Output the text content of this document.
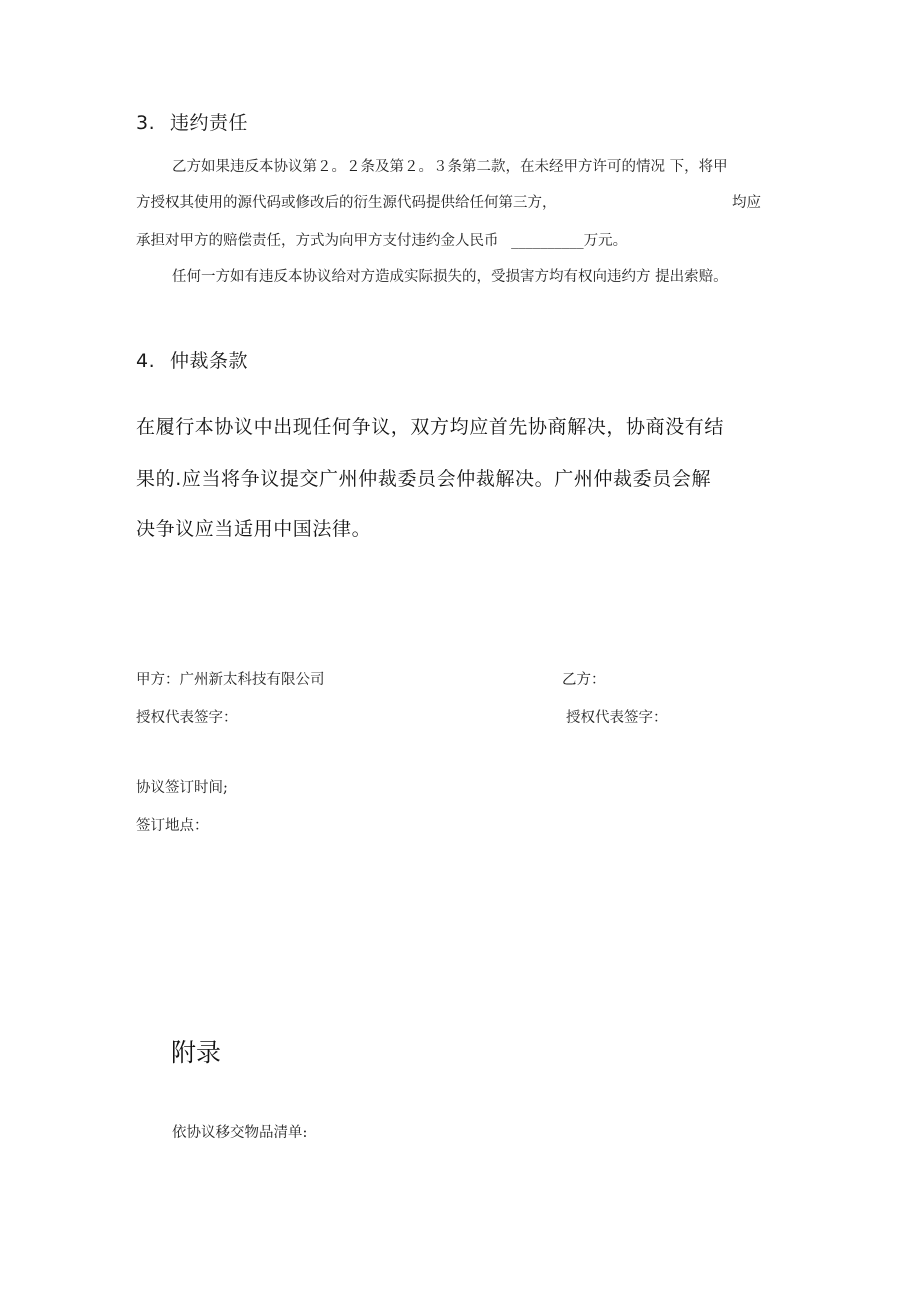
3. 违约责任
乙方如果违反本协议第２。２条及第２。３条第二款，在未经甲方许可的情况 下，将甲
方授权其使用的源代码或修改后的衍生源代码提供给任何第三方，	均应
承担对甲方的赔偿责任，方式为向甲方支付违约金人民币 __________万元。
任何一方如有违反本协议给对方造成实际损失的，受损害方均有权向违约方 提出索赔。
4. 仲裁条款
在履行本协议中出现任何争议，双方均应首先协商解决，协商没有结
果的.应当将争议提交广州仲裁委员会仲裁解决。广州仲裁委员会解
决争议应当适用中国法律。
甲方：广州新太科技有限公司	乙方：
授权代表签字：	授权代表签字：
协议签订时间;
签订地点：
附录
依协议移交物品清单:
